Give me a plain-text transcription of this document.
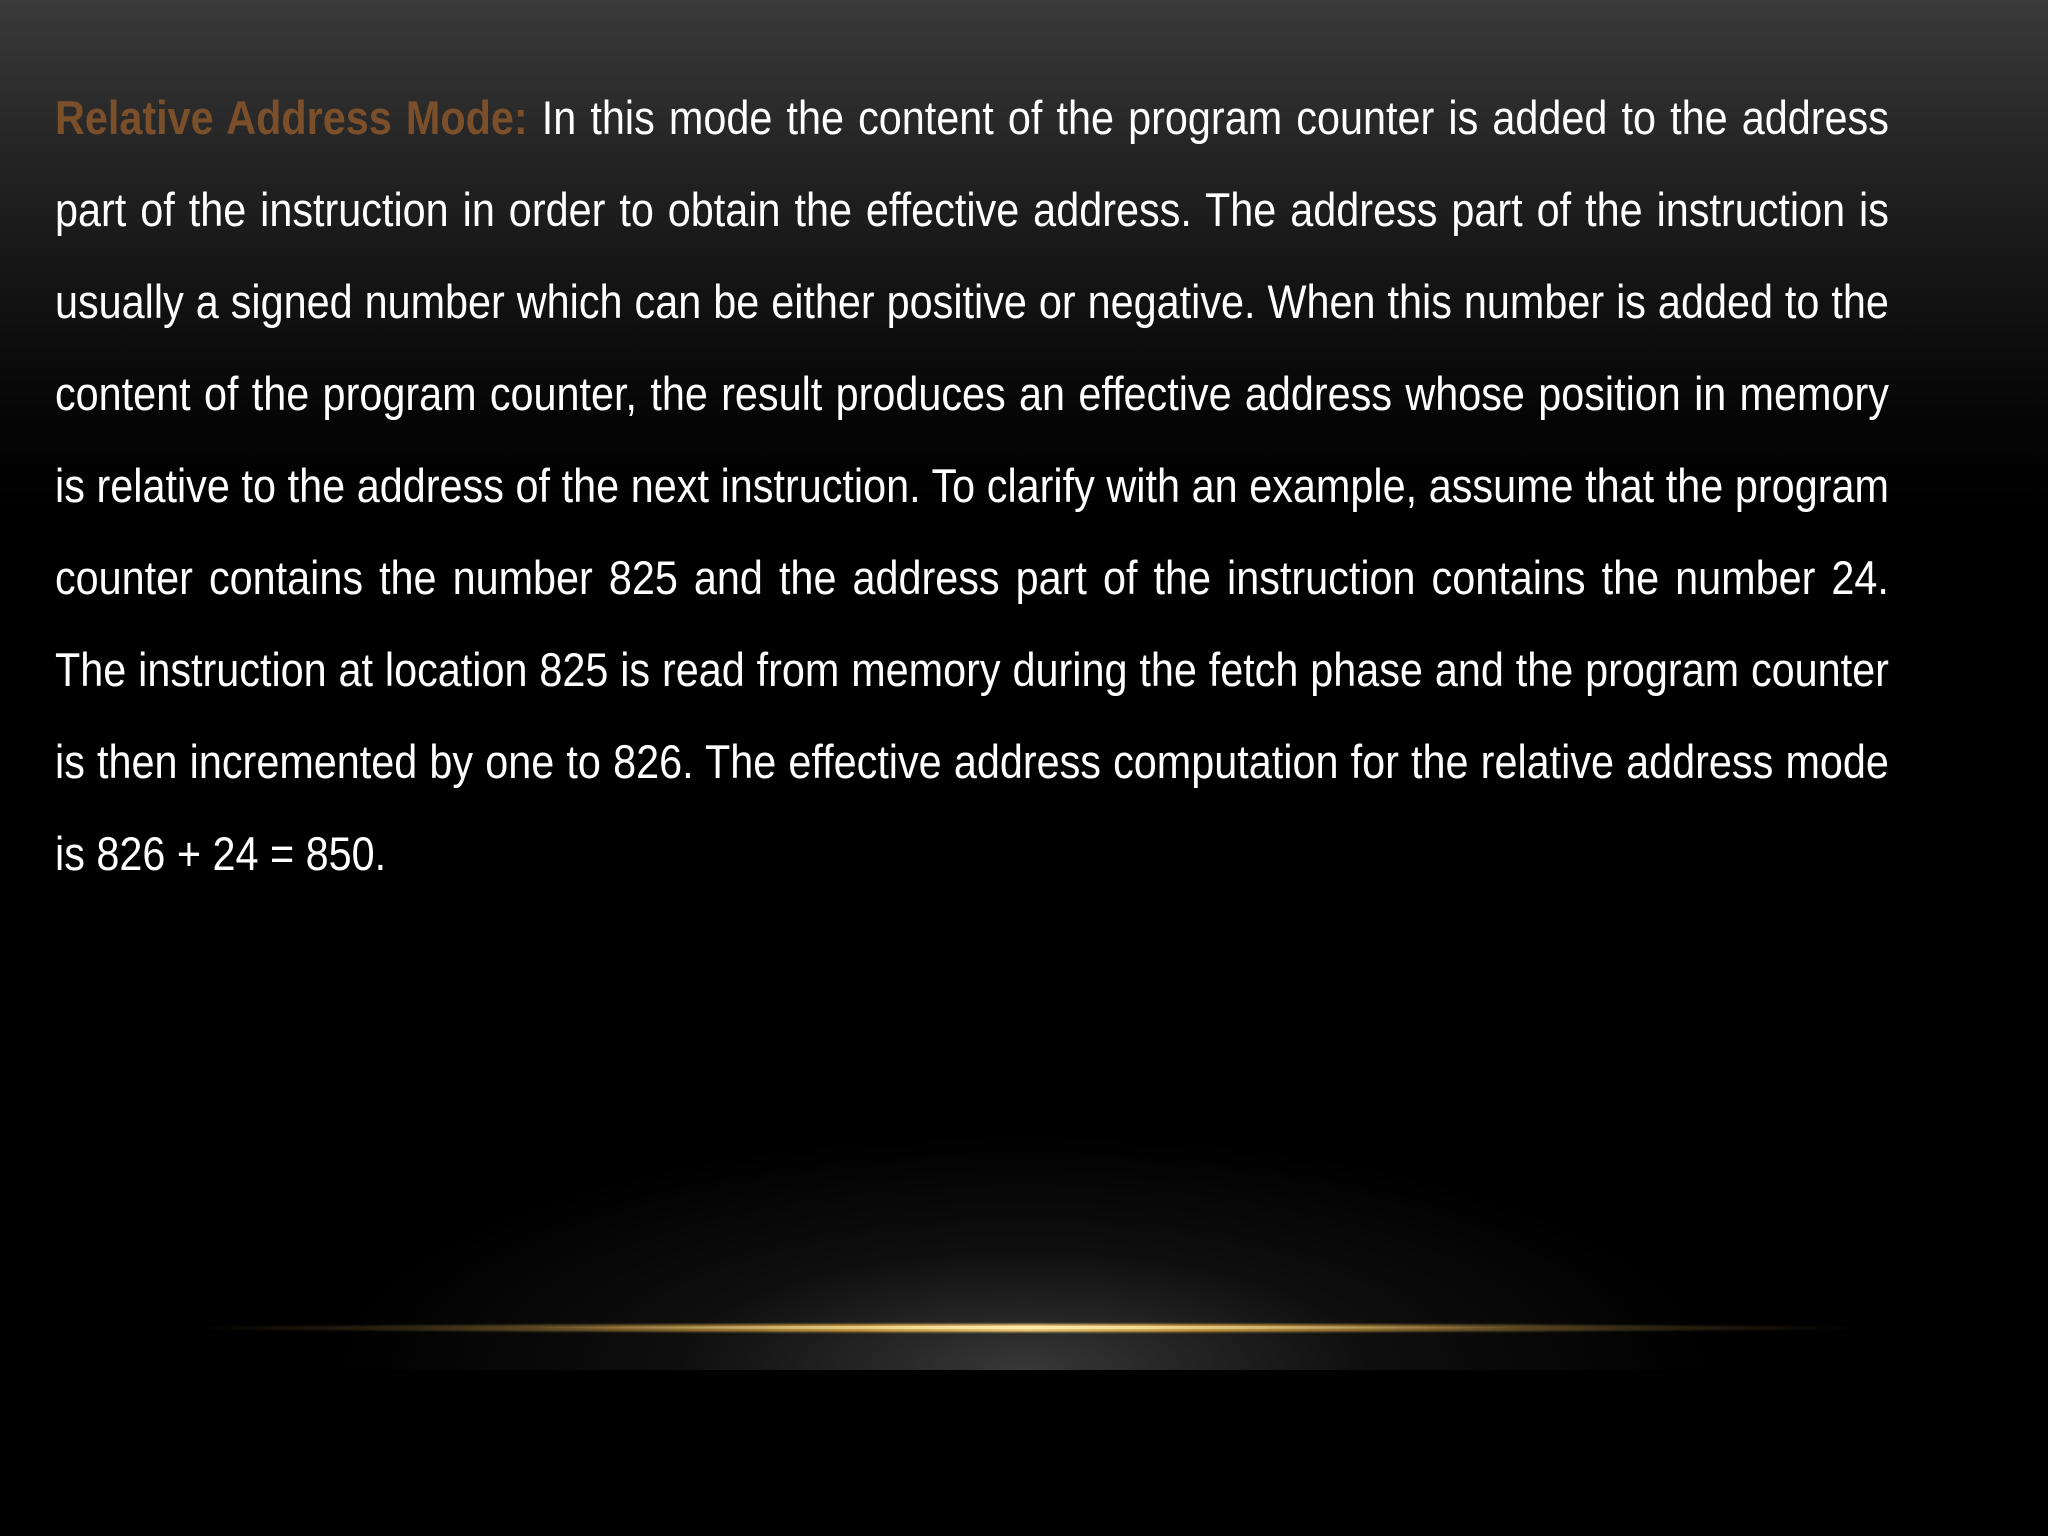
Relative Address Mode: In this mode the content of the program counter is added to the address part of the instruction in order to obtain the effective address. The address part of the instruction is usually a signed number which can be either positive or negative. When this number is added to the content of the program counter, the result produces an effective address whose position in memory is relative to the address of the next instruction. To clarify with an example, assume that the program counter contains the number 825 and the address part of the instruction contains the number 24. The instruction at location 825 is read from memory during the fetch phase and the program counter is then incremented by one to 826. The effective address computation for the relative address mode is 826 + 24 = 850.
